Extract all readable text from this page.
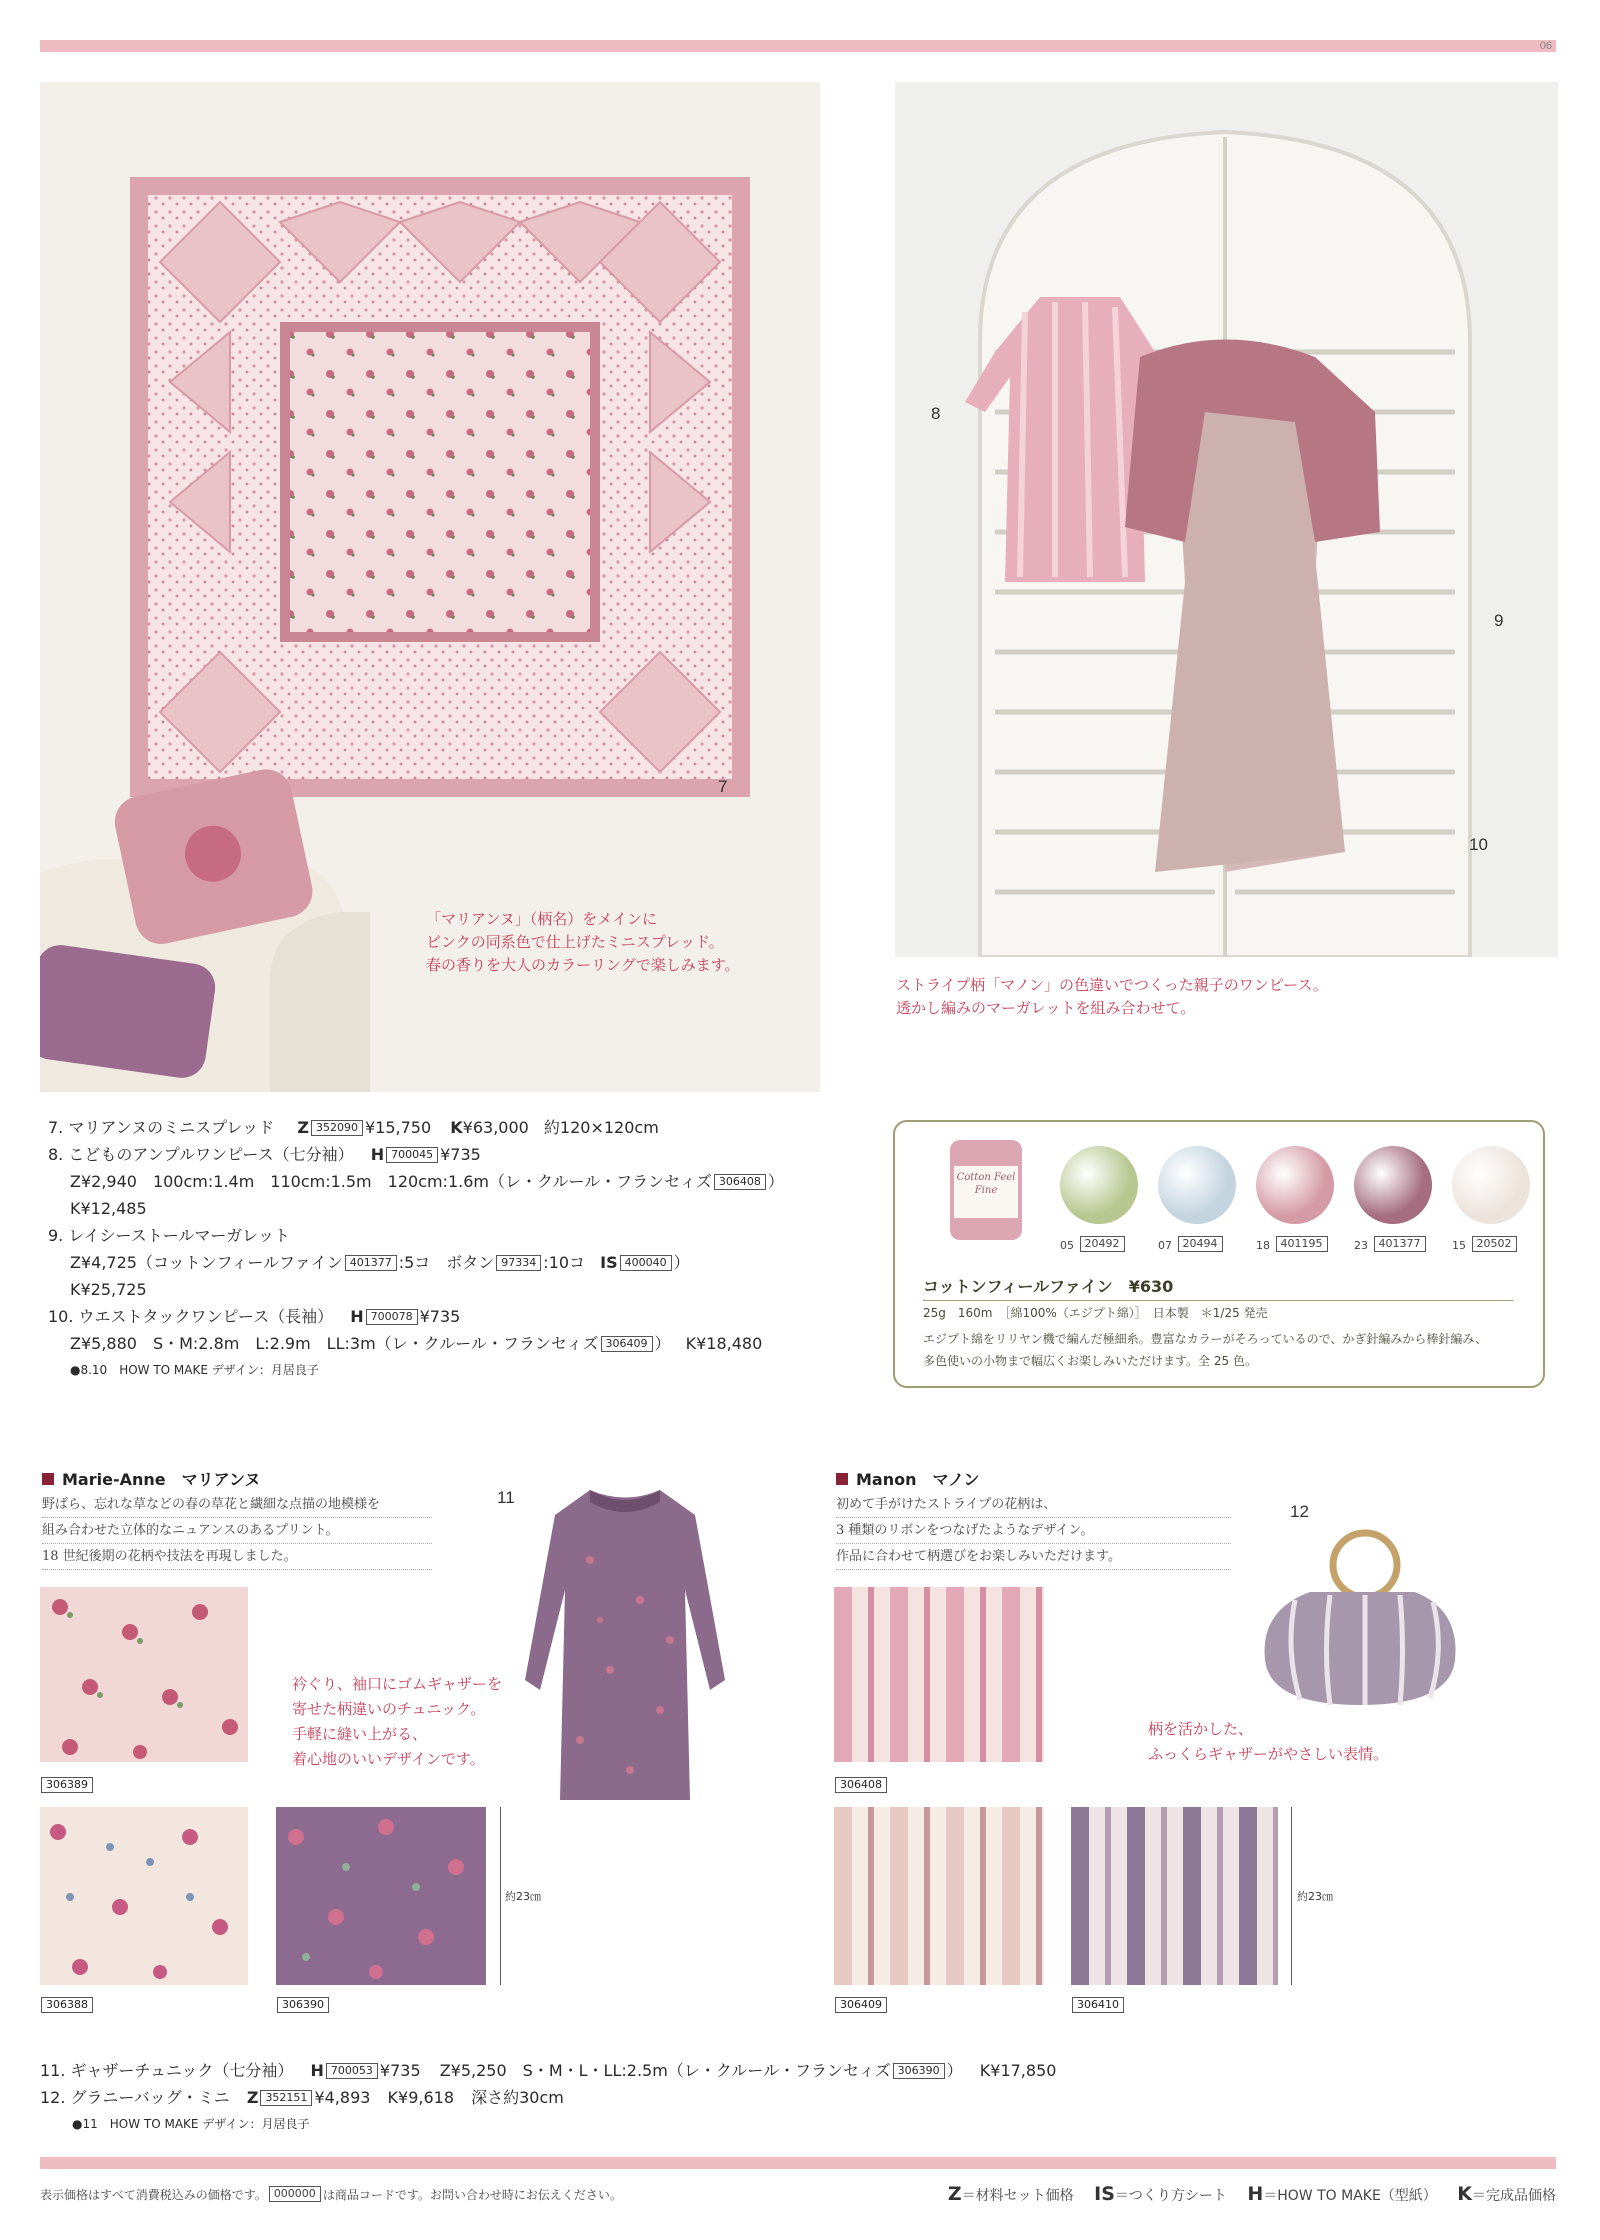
06
7
「マリアンヌ」（柄名）をメインに
ピンクの同系色で仕上げたミニスプレッド。
春の香りを大人のカラーリングで楽しみます。
8
9
10
ストライプ柄「マノン」の色違いでつくった親子のワンピース。
透かし編みのマーガレットを組み合わせて。
7. マリアンヌのミニスプレッド Z 352090 ¥15,750 K¥63,000 約120×120cm
8. こどものアンプルワンピース（七分袖） H 700045 ¥735
Z¥2,940　100cm:1.4m　110cm:1.5m　120cm:1.6m（レ・クルール・フランセィズ 306408 ）
K¥12,485
9. レイシーストールマーガレット
Z¥4,725（コットンフィールファイン 401377 :5コ　ボタン 97334 :10コ IS 400040 ）
K¥25,725
10. ウエストタックワンピース（長袖） H 700078 ¥735
Z¥5,880　S・M:2.8m　L:2.9m　LL:3m（レ・クルール・フランセィズ 306409 ） K¥18,480
●8.10　HOW TO MAKE デザイン：月居良子
Cotton Feel Fine
05 20492	07 20494	18 401195	23 401377	15 20502
コットンフィールファイン　¥630
25g　160m　［綿100%（エジプト綿）］　日本製　＊1/25 発売
エジプト綿をリリヤン機で編んだ極細糸。豊富なカラーがそろっているので、かぎ針編みから棒針編み、
多色使いの小物まで幅広くお楽しみいただけます。全 25 色。
Marie-Anne　マリアンヌ
野ばら、忘れな草などの春の草花と繊細な点描の地模様を
組み合わせた立体的なニュアンスのあるプリント。
18 世紀後期の花柄や技法を再現しました。
11
衿ぐり、袖口にゴムギャザーを
寄せた柄違いのチュニック。
手軽に縫い上がる、
着心地のいいデザインです。
306389
306388	306390
約23㎝
Manon　マノン
初めて手がけたストライプの花柄は、
3 種類のリボンをつなげたようなデザイン。
作品に合わせて柄選びをお楽しみいただけます。
12
柄を活かした、
ふっくらギャザーがやさしい表情。
306408
306409	306410
約23㎝
11. ギャザーチュニック（七分袖） H 700053 ¥735 Z¥5,250　S・M・L・LL:2.5m（レ・クルール・フランセィズ 306390 ） K¥17,850
12. グラニーバッグ・ミニ Z 352151 ¥4,893 K¥9,618 深さ約30cm
●11　HOW TO MAKE デザイン：月居良子
表示価格はすべて消費税込みの価格です。 000000 は商品コードです。お問い合わせ時にお伝えください。	Z＝材料セット価格 IS＝つくり方シート H＝HOW TO MAKE（型紙） K＝完成品価格
